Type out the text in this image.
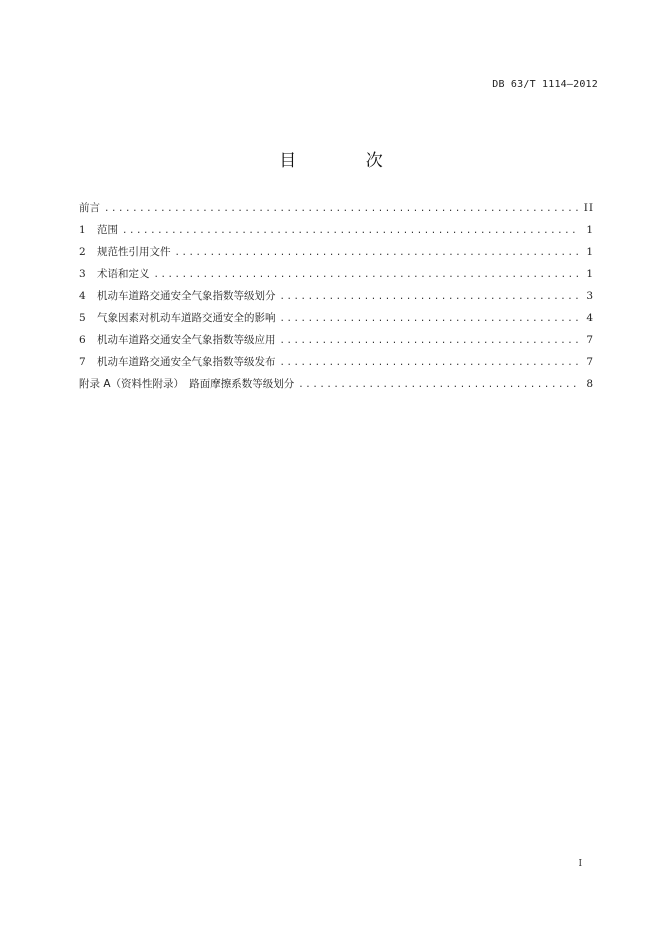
DB 63/T 1114—2012
目 次
前言 .....	II
1	范围 .....	1
2	规范性引用文件 .....	1
3	术语和定义 .....	1
4	机动车道路交通安全气象指数等级划分 .....	3
5	气象因素对机动车道路交通安全的影响 .....	4
6	机动车道路交通安全气象指数等级应用 .....	7
7	机动车道路交通安全气象指数等级发布 .....	7
附录 A（资料性附录）　路面摩擦系数等级划分 .....	8
I
